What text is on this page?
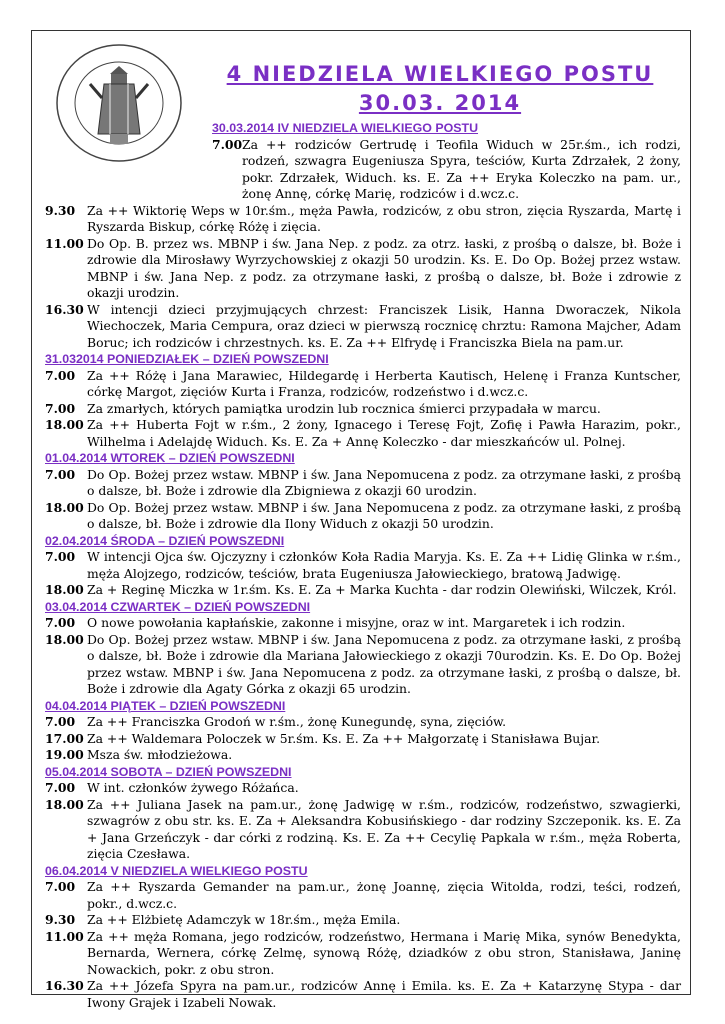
4 NIEDZIELA WIELKIEGO POSTU
30.03. 2014
30.03.2014 IV NIEDZIELA WIELKIEGO POSTU
7.00 Za ++ rodziców Gertrudę i Teofila Widuch w 25r.śm., ich rodzi, rodzeń, szwagra Eugeniusza Spyra, teściów, Kurta Zdrzałek, 2 żony, pokr. Zdrzałek, Widuch. ks. E. Za ++ Eryka Koleczko na pam. ur., żonę Annę, córkę Marię, rodziców i d.wcz.c.
9.30 Za ++ Wiktorię Weps w 10r.śm., męża Pawła, rodziców, z obu stron, zięcia Ryszarda, Martę i Ryszarda Biskup, córkę Różę i zięcia.
11.00 Do Op. B. przez ws. MBNP i św. Jana Nep. z podz. za otrz. łaski, z prośbą o dalsze, bł. Boże i zdrowie dla Mirosławy Wyrzychowskiej z okazji 50 urodzin. Ks. E. Do Op. Bożej przez wstaw. MBNP i św. Jana Nep. z podz. za otrzymane łaski, z prośbą o dalsze, bł. Boże i zdrowie z okazji urodzin.
16.30 W intencji dzieci przyjmujących chrzest: Franciszek Lisik, Hanna Dworaczek, Nikola Wiechoczek, Maria Cempura, oraz dzieci w pierwszą rocznicę chrztu: Ramona Majcher, Adam Boruc; ich rodziców i chrzestnych. ks. E. Za ++ Elfrydę i Franciszka Biela na pam.ur.
31.032014 PONIEDZIAŁEK – DZIEŃ POWSZEDNI
7.00 Za ++ Różę i Jana Marawiec, Hildegardę i Herberta Kautisch, Helenę i Franza Kuntscher, córkę Margot, zięciów Kurta i Franza, rodziców, rodzeństwo i d.wcz.c.
7.00 Za zmarłych, których pamiątka urodzin lub rocznica śmierci przypadała w marcu.
18.00 Za ++ Huberta Fojt w r.śm., 2 żony, Ignacego i Teresę Fojt, Zofię i Pawła Harazim, pokr., Wilhelma i Adelajdę Widuch. Ks. E. Za + Annę Koleczko - dar mieszkańców ul. Polnej.
01.04.2014 WTOREK – DZIEŃ POWSZEDNI
7.00 Do Op. Bożej przez wstaw. MBNP i św. Jana Nepomucena z podz. za otrzymane łaski, z prośbą o dalsze, bł. Boże i zdrowie dla Zbigniewa z okazji 60 urodzin.
18.00 Do Op. Bożej przez wstaw. MBNP i św. Jana Nepomucena z podz. za otrzymane łaski, z prośbą o dalsze, bł. Boże i zdrowie dla Ilony Widuch z okazji 50 urodzin.
02.04.2014 ŚRODA – DZIEŃ POWSZEDNI
7.00 W intencji Ojca św. Ojczyzny i członków Koła Radia Maryja. Ks. E. Za ++ Lidię Glinka w r.śm., męża Alojzego, rodziców, teściów, brata Eugeniusza Jałowieckiego, bratową Jadwigę.
18.00 Za + Reginę Miczka w 1r.śm. Ks. E. Za + Marka Kuchta - dar rodzin Olewiński, Wilczek, Król.
03.04.2014 CZWARTEK – DZIEŃ POWSZEDNI
7.00 O nowe powołania kapłańskie, zakonne i misyjne, oraz w int. Margaretek i ich rodzin.
18.00 Do Op. Bożej przez wstaw. MBNP i św. Jana Nepomucena z podz. za otrzymane łaski, z prośbą o dalsze, bł. Boże i zdrowie dla Mariana Jałowieckiego z okazji 70urodzin. Ks. E. Do Op. Bożej przez wstaw. MBNP i św. Jana Nepomucena z podz. za otrzymane łaski, z prośbą o dalsze, bł. Boże i zdrowie dla Agaty Górka z okazji 65 urodzin.
04.04.2014 PIĄTEK – DZIEŃ POWSZEDNI
7.00 Za ++ Franciszka Grodoń w r.śm., żonę Kunegundę, syna, zięciów.
17.00 Za ++ Waldemara Poloczek w 5r.śm. Ks. E. Za ++ Małgorzatę i Stanisława Bujar.
19.00 Msza św. młodzieżowa.
05.04.2014 SOBOTA – DZIEŃ POWSZEDNI
7.00 W int. członków żywego Różańca.
18.00 Za ++ Juliana Jasek na pam.ur., żonę Jadwigę w r.śm., rodziców, rodzeństwo, szwagierki, szwagrów z obu str. ks. E. Za + Aleksandra Kobusińskiego - dar rodziny Szczeponik. ks. E. Za + Jana Grzeńczyk - dar córki z rodziną. Ks. E. Za ++ Cecylię Papkala w r.śm., męża Roberta, zięcia Czesława.
06.04.2014 V NIEDZIELA WIELKIEGO POSTU
7.00 Za ++ Ryszarda Gemander na pam.ur., żonę Joannę, zięcia Witolda, rodzi, teści, rodzeń, pokr., d.wcz.c.
9.30 Za ++ Elżbietę Adamczyk w 18r.śm., męża Emila.
11.00 Za ++ męża Romana, jego rodziców, rodzeństwo, Hermana i Marię Mika, synów Benedykta, Bernarda, Wernera, córkę Zelmę, synową Różę, dziadków z obu stron, Stanisława, Janinę Nowackich, pokr. z obu stron.
16.30 Za ++ Józefa Spyra na pam.ur., rodziców Annę i Emila. ks. E. Za + Katarzynę Stypa - dar Iwony Grajek i Izabeli Nowak.
